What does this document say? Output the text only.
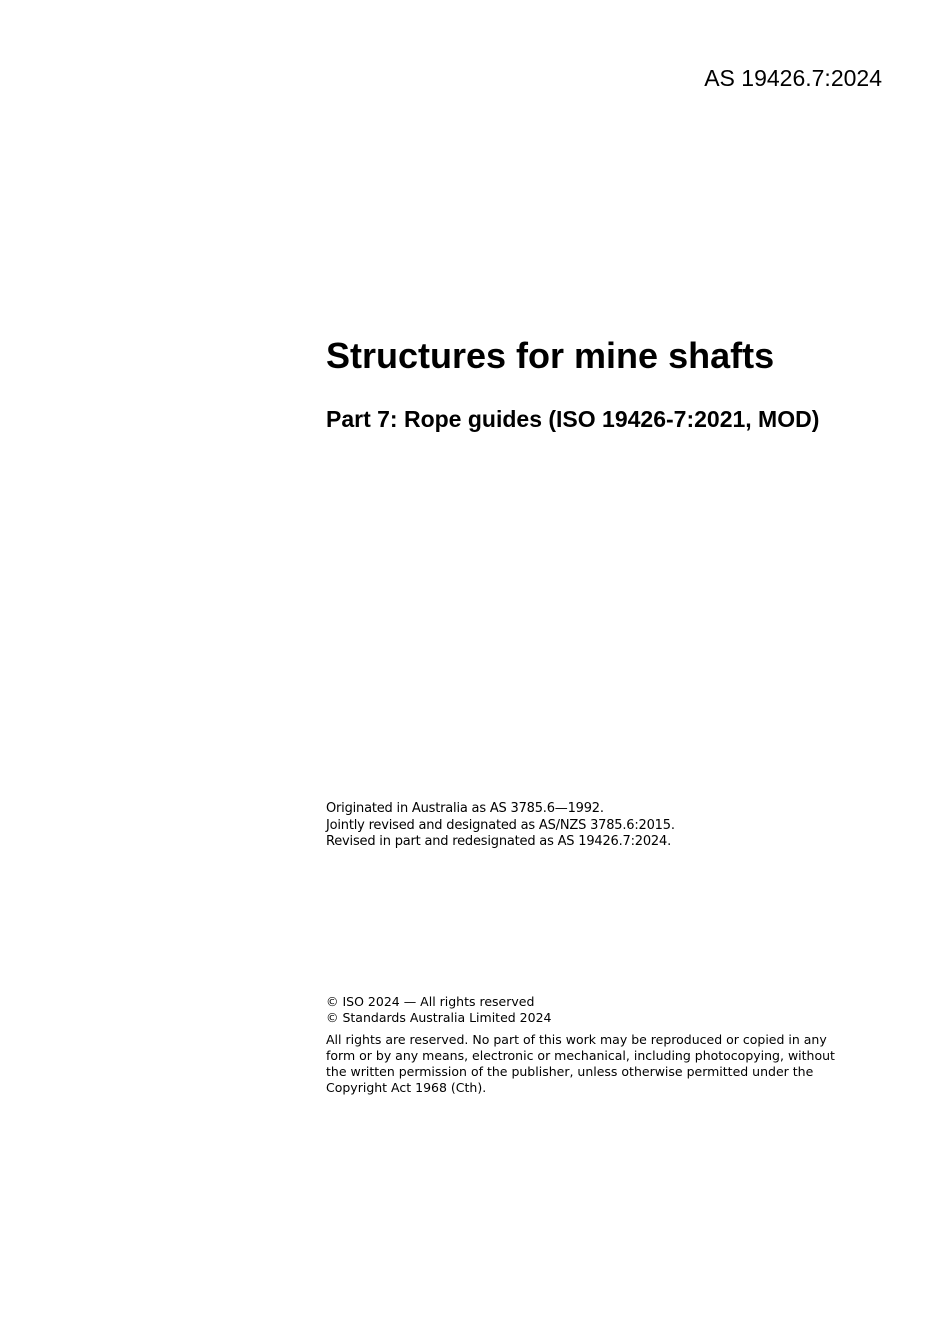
AS 19426.7:2024
Structures for mine shafts
Part 7: Rope guides (ISO 19426-7:2021, MOD)
Originated in Australia as AS 3785.6—1992.
Jointly revised and designated as AS/NZS 3785.6:2015.
Revised in part and redesignated as AS 19426.7:2024.
© ISO 2024 — All rights reserved
© Standards Australia Limited 2024
All rights are reserved. No part of this work may be reproduced or copied in any form or by any means, electronic or mechanical, including photocopying, without the written permission of the publisher, unless otherwise permitted under the Copyright Act 1968 (Cth).
